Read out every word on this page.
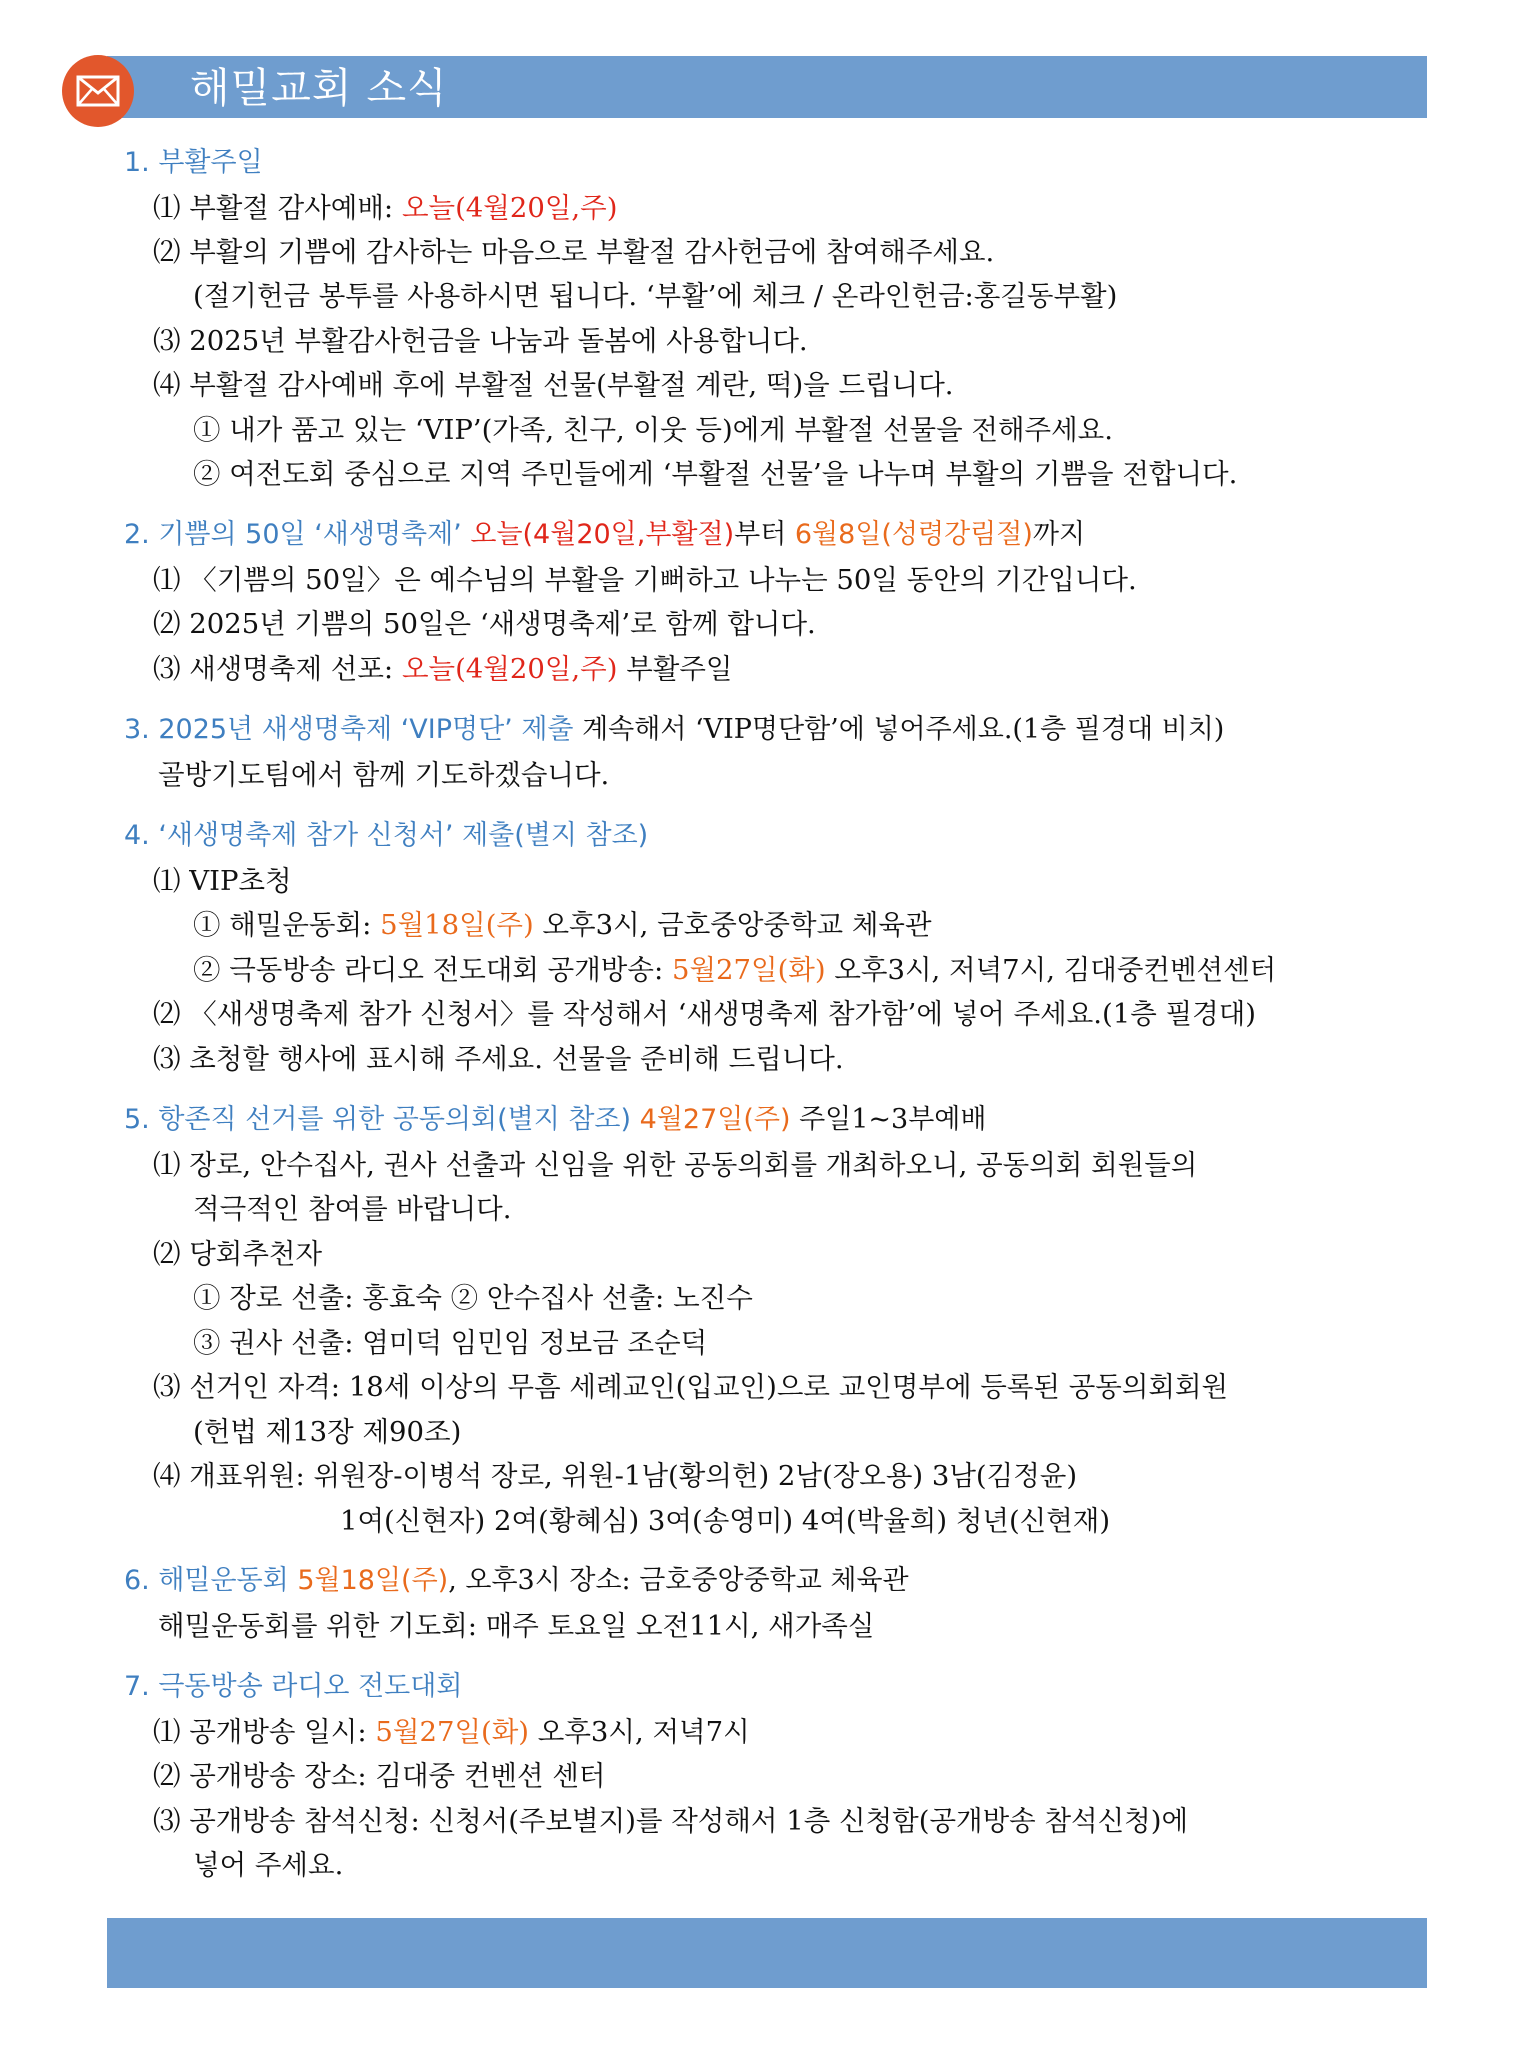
해밀교회 소식
1. 부활주일
⑴ 부활절 감사예배: 오늘(4월20일,주)
⑵ 부활의 기쁨에 감사하는 마음으로 부활절 감사헌금에 참여해주세요.
(절기헌금 봉투를 사용하시면 됩니다. ‘부활’에 체크 / 온라인헌금:홍길동부활)
⑶ 2025년 부활감사헌금을 나눔과 돌봄에 사용합니다.
⑷ 부활절 감사예배 후에 부활절 선물(부활절 계란, 떡)을 드립니다.
① 내가 품고 있는 ‘VIP’(가족, 친구, 이웃 등)에게 부활절 선물을 전해주세요.
② 여전도회 중심으로 지역 주민들에게 ‘부활절 선물’을 나누며 부활의 기쁨을 전합니다.
2. 기쁨의 50일 ‘새생명축제’ 오늘(4월20일,부활절)부터 6월8일(성령강림절)까지
⑴ 〈기쁨의 50일〉은 예수님의 부활을 기뻐하고 나누는 50일 동안의 기간입니다.
⑵ 2025년 기쁨의 50일은 ‘새생명축제’로 함께 합니다.
⑶ 새생명축제 선포: 오늘(4월20일,주) 부활주일
3. 2025년 새생명축제 ‘VIP명단’ 제출 계속해서 ‘VIP명단함’에 넣어주세요.(1층 필경대 비치)
골방기도팀에서 함께 기도하겠습니다.
4. ‘새생명축제 참가 신청서’ 제출(별지 참조)
⑴ VIP초청
① 해밀운동회: 5월18일(주) 오후3시, 금호중앙중학교 체육관
② 극동방송 라디오 전도대회 공개방송: 5월27일(화) 오후3시, 저녁7시, 김대중컨벤션센터
⑵ 〈새생명축제 참가 신청서〉를 작성해서 ‘새생명축제 참가함’에 넣어 주세요.(1층 필경대)
⑶ 초청할 행사에 표시해 주세요. 선물을 준비해 드립니다.
5. 항존직 선거를 위한 공동의회(별지 참조) 4월27일(주) 주일1~3부예배
⑴ 장로, 안수집사, 권사 선출과 신임을 위한 공동의회를 개최하오니, 공동의회 회원들의
적극적인 참여를 바랍니다.
⑵ 당회추천자
① 장로 선출: 홍효숙 ② 안수집사 선출: 노진수
③ 권사 선출: 염미덕 임민임 정보금 조순덕
⑶ 선거인 자격: 18세 이상의 무흠 세례교인(입교인)으로 교인명부에 등록된 공동의회회원
(헌법 제13장 제90조)
⑷ 개표위원: 위원장-이병석 장로, 위원-1남(황의헌) 2남(장오용) 3남(김정윤)
1여(신현자) 2여(황혜심) 3여(송영미) 4여(박율희) 청년(신현재)
6. 해밀운동회 5월18일(주), 오후3시 장소: 금호중앙중학교 체육관
해밀운동회를 위한 기도회: 매주 토요일 오전11시, 새가족실
7. 극동방송 라디오 전도대회
⑴ 공개방송 일시: 5월27일(화) 오후3시, 저녁7시
⑵ 공개방송 장소: 김대중 컨벤션 센터
⑶ 공개방송 참석신청: 신청서(주보별지)를 작성해서 1층 신청함(공개방송 참석신청)에
넣어 주세요.
